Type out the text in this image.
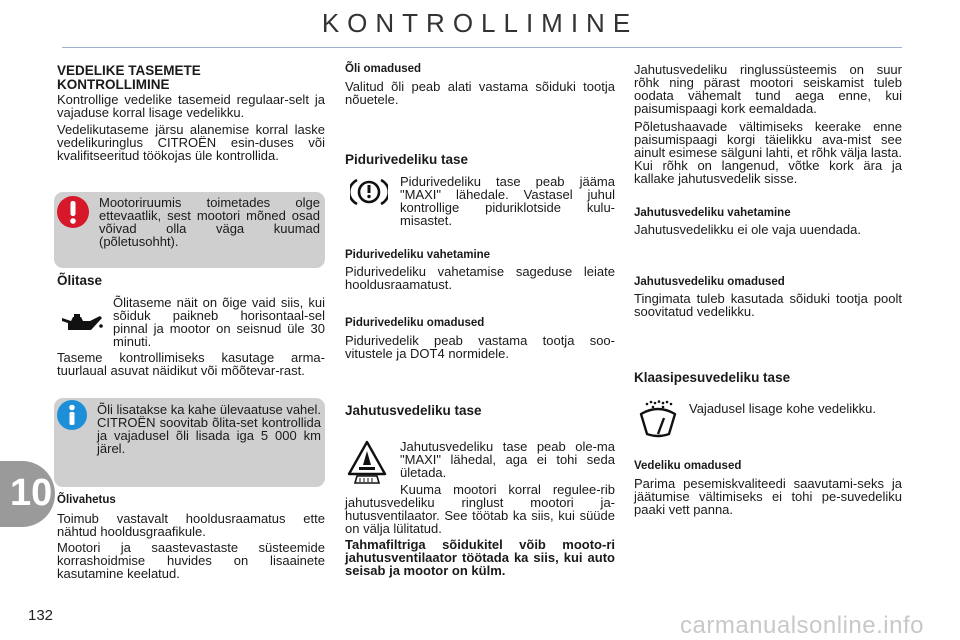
KONTROLLIMINE
VEDELIKE TASEMETE KONTROLLIMINE
Kontrollige vedelike tasemeid regulaar-selt ja vajaduse korral lisage vedelikku.
Vedelikutaseme järsu alanemise korral laske vedelikuringlus CITROËN esin-duses või kvalifitseeritud töökojas üle kontrollida.
Mootoriruumis toimetades olge ettevaatlik, sest mootori mõned osad võivad olla väga kuumad (põletusohht).
Õlitase
Õlitaseme näit on õige vaid siis, kui sõiduk paikneb horisontaal-sel pinnal ja mootor on seisnud üle 30 minuti.
Taseme kontrollimiseks kasutage arma-tuurlaual asuvat näidikut või mõõtevar-rast.
Õli lisatakse ka kahe ülevaatuse vahel. CITROËN soovitab õlita-set kontrollida ja vajadusel õli lisada iga 5 000 km järel.
Õlivahetus
Toimub vastavalt hooldusraamatus ette nähtud hooldusgraafikule.
Mootori ja saastevastaste süsteemide korrashoidmise huvides on lisaainete kasutamine keelatud.
Õli omadused
Valitud õli peab alati vastama sõiduki tootja nõuetele.
Pidurivedeliku tase
Pidurivedeliku tase peab jääma "MAXI" lähedale. Vastasel juhul kontrollige piduriklotside kulu-misastet.
Pidurivedeliku vahetamine
Pidurivedeliku vahetamise sageduse leiate hooldusraamatust.
Pidurivedeliku omadused
Pidurivedelik peab vastama tootja soo-vitustele ja DOT4 normidele.
Jahutusvedeliku tase
Jahutusvedeliku tase peab ole-ma "MAXI" lähedal, aga ei tohi seda ületada.
Kuuma mootori korral regulee-rib jahutusvedeliku ringlust mootori ja-hutusventilaator. See töötab ka siis, kui süüde on välja lülitatud.
Tahmafiltriga sõidukitel võib mooto-ri jahutusventilaator töötada ka siis, kui auto seisab ja mootor on külm.
Jahutusvedeliku ringlussüsteemis on suur rõhk ning pärast mootori seiskamist tuleb oodata vähemalt tund aega enne, kui paisumispaagi kork eemaldada.
Põletushaavade vältimiseks keerake enne paisumispaagi korgi täielikku ava-mist see ainult esimese sälguni lahti, et rõhk välja lasta. Kui rõhk on langenud, võtke kork ära ja kallake jahutusvedelik sisse.
Jahutusvedeliku vahetamine
Jahutusvedelikku ei ole vaja uuendada.
Jahutusvedeliku omadused
Tingimata tuleb kasutada sõiduki tootja poolt soovitatud vedelikku.
Klaasipesuvedeliku tase
Vajadusel lisage kohe vedelikku.
Vedeliku omadused
Parima pesemiskvaliteedi saavutami-seks ja jäätumise vältimiseks ei tohi pe-suvedeliku paaki vett panna.
10
132	carmanualsonline.info
